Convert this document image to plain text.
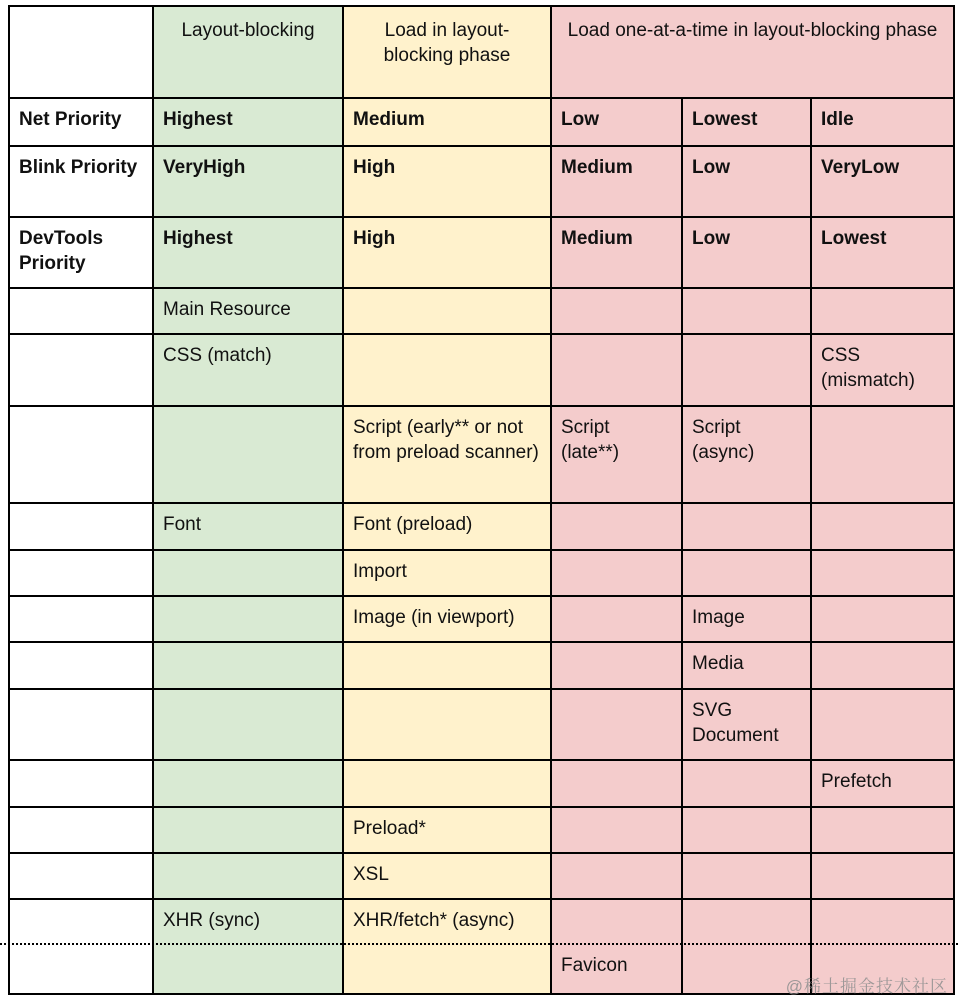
	Layout-blocking	Load in layout-blocking phase	Load one-at-a-time in layout-blocking phase		
Net Priority	Highest	Medium	Low	Lowest	Idle
Blink Priority	VeryHigh	High	Medium	Low	VeryLow
DevTools Priority	Highest	High	Medium	Low	Lowest
	Main Resource				
	CSS (match)				CSS (mismatch)
		Script (early** or not from preload scanner)	Script (late**)	Script (async)	
	Font	Font (preload)			
		Import			
		Image (in viewport)		Image	
				Media	
				SVG Document	
					Prefetch
		Preload*			
		XSL			
	XHR (sync)	XHR/fetch* (async)			
			Favicon		
@稀土掘金技术社区
